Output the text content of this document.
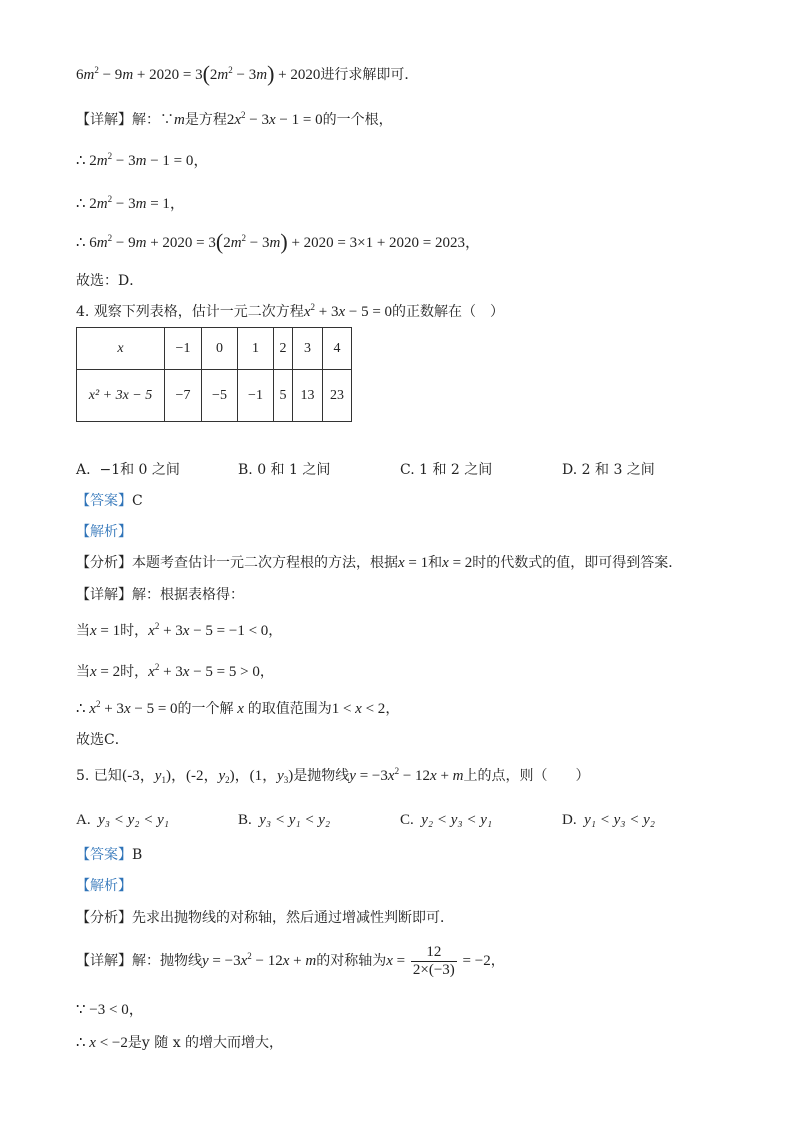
$6m^2 - 9m + 2020 = 3(2m^2 - 3m) + 2020$进行求解即可．
【详解】解：∵m是方程$2x^2 - 3x - 1 = 0$的一个根，
∴ $2m^2 - 3m - 1 = 0$，
∴ $2m^2 - 3m = 1$，
∴ $6m^2 - 9m + 2020 = 3(2m^2 - 3m) + 2020 = 3\times 1 + 2020 = 2023$，
故选：D．
4. 观察下列表格，估计一元二次方程$x^2 + 3x - 5 = 0$的正数解在（　）
x	−1	0	1	2	3	4
x² + 3x − 5	−7	−5	−1	5	13	23
A. −1和 0 之间	B. 0 和 1 之间	C. 1 和 2 之间	D. 2 和 3 之间
【答案】C
【解析】
【分析】本题考查估计一元二次方程根的方法，根据x = 1和x = 2时的代数式的值，即可得到答案．
【详解】解：根据表格得：
当x = 1时，$x^2 + 3x - 5 = -1 < 0$，
当x = 2时，$x^2 + 3x - 5 = 5 > 0$，
∴ $x^2 + 3x - 5 = 0$的一个解 x 的取值范围为1 < x < 2，
故选C．
5. 已知(-3，$y_1$)，(-2，$y_2$)，(1，$y_3$)是抛物线$y = -3x^2 - 12x + m$上的点，则（　　）
A. y₃ < y₂ < y₁	B. y₃ < y₁ < y₂	C. y₂ < y₃ < y₁	D. y₁ < y₃ < y₂
【答案】B
【解析】
【分析】先求出抛物线的对称轴，然后通过增减性判断即可．
【详解】解：抛物线$y = -3x^2 - 12x + m$的对称轴为$x = \frac{12}{2\times(-3)} = -2$，
∵ −3 < 0，
∴ x < −2是y 随 x 的增大而增大，
